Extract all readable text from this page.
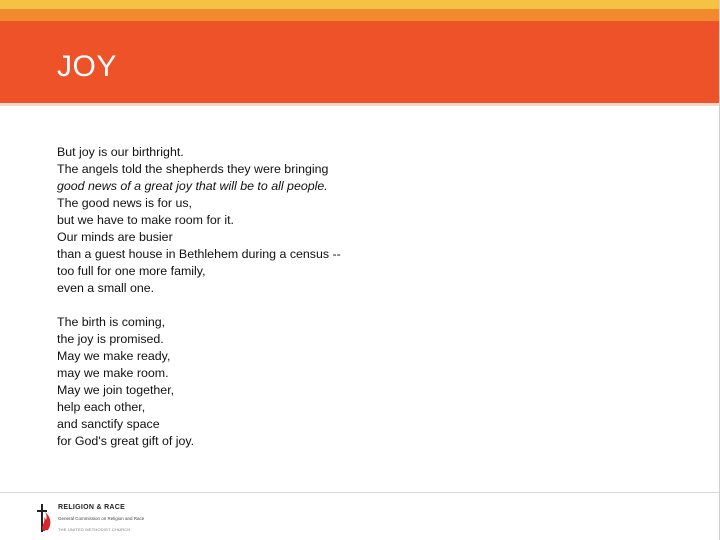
JOY
But joy is our birthright.
The angels told the shepherds they were bringing
good news of a great joy that will be to all people.
The good news is for us,
but we have to make room for it.
Our minds are busier
than a guest house in Bethlehem during a census --
too full for one more family,
even a small one.
The birth is coming,
the joy is promised.
May we make ready,
may we make room.
May we join together,
help each other,
and sanctify space
for God's great gift of joy.
RELIGION & RACE
General Commission on Religion and Race
THE UNITED METHODIST CHURCH
